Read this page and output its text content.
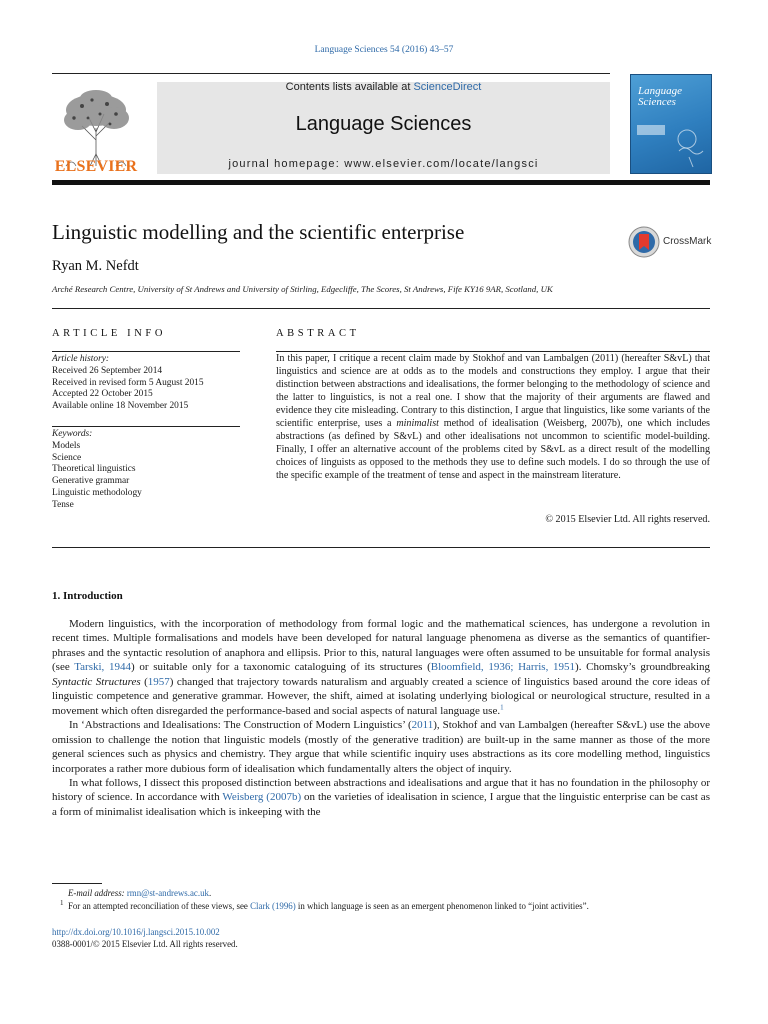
Language Sciences 54 (2016) 43–57
ELSEVIER
Contents lists available at ScienceDirect
Language Sciences
journal homepage: www.elsevier.com/locate/langsci
Language
Sciences
Linguistic modelling and the scientific enterprise	CrossMark
Ryan M. Nefdt
Arché Research Centre, University of St Andrews and University of Stirling, Edgecliffe, The Scores, St Andrews, Fife KY16 9AR, Scotland, UK
ARTICLE INFO
Article history:
Received 26 September 2014
Received in revised form 5 August 2015
Accepted 22 October 2015
Available online 18 November 2015
Keywords:
Models
Science
Theoretical linguistics
Generative grammar
Linguistic methodology
Tense
ABSTRACT

In this paper, I critique a recent claim made by Stokhof and van Lambalgen (2011) (hereafter S&vL) that linguistics and science are at odds as to the models and constructions they employ. I argue that their distinction between abstractions and idealisations, the former belonging to the methodology of science and the latter to linguistics, is not a real one. I show that the majority of their arguments are flawed and evidence they cite misleading. Contrary to this distinction, I argue that linguistics, like some variants of the scientific enterprise, uses a minimalist method of idealisation (Weisberg, 2007b), one which includes abstractions (as defined by S&vL) and other idealisations not uncommon to scientific model-building. Finally, I offer an alternative account of the problems cited by S&vL as a direct result of the modelling choices of linguists as opposed to the methods they use to define such models. I do so through the use of the specific example of the treatment of tense and aspect in the mainstream literature.

© 2015 Elsevier Ltd. All rights reserved.
1. Introduction

Modern linguistics, with the incorporation of methodology from formal logic and the mathematical sciences, has undergone a revolution in recent times. Multiple formalisations and models have been developed for natural language phenomena as diverse as the semantics of quantifier-phrases and the syntactic resolution of anaphora and ellipsis. Prior to this, natural languages were often assumed to be unsuitable for formal analysis (see Tarski, 1944) or suitable only for a taxonomic cataloguing of its structures (Bloomfield, 1936; Harris, 1951). Chomsky’s groundbreaking Syntactic Structures (1957) changed that trajectory towards naturalism and arguably created a science of linguistics based around the core ideas of linguistic competence and generative grammar. However, the shift, aimed at isolating underlying biological or neurological structure, resulted in a movement which often disregarded the performance-based and social aspects of natural language use.$^1$

In ‘Abstractions and Idealisations: The Construction of Modern Linguistics’ (2011), Stokhof and van Lambalgen (hereafter S&vL) use the above omission to challenge the notion that linguistic models (mostly of the generative tradition) are built-up in the same manner as those of the more general sciences such as physics and chemistry. They argue that while scientific inquiry uses abstractions as its core modelling method, linguistics incorporates a rather more dubious form of idealisation which fundamentally alters the object of inquiry.

In what follows, I dissect this proposed distinction between abstractions and idealisations and argue that it has no foundation in the philosophy or history of science. In accordance with Weisberg (2007b) on the varieties of idealisation in science, I argue that the linguistic enterprise can be cast as a form of minimalist idealisation which is inkeeping with the

E-mail address: rmn@st-andrews.ac.uk.
$^1$ For an attempted reconciliation of these views, see Clark (1996) in which language is seen as an emergent phenomenon linked to “joint activities”.
http://dx.doi.org/10.1016/j.langsci.2015.10.002
0388-0001/© 2015 Elsevier Ltd. All rights reserved.
